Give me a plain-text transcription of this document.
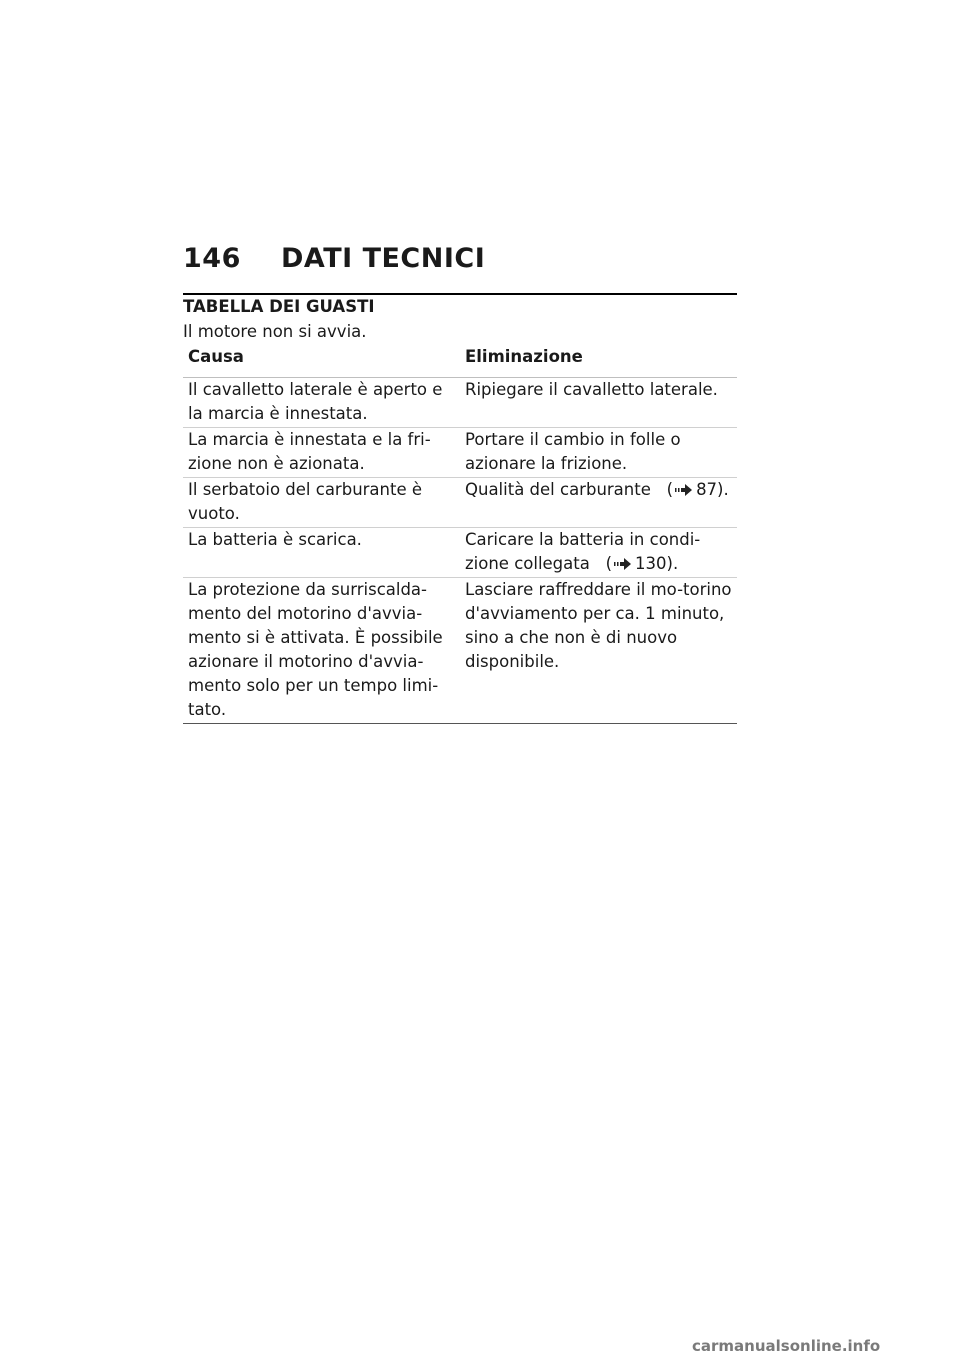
146	DATI TECNICI
TABELLA DEI GUASTI
Il motore non si avvia.
Causa	Eliminazione
Il cavalletto laterale è aperto e la marcia è innestata.	Ripiegare il cavalletto laterale.
La marcia è innestata e la fri-zione non è azionata.	Portare il cambio in folle o azionare la frizione.
Il serbatoio del carburante è vuoto.	Qualità del carburante ( 87).
La batteria è scarica.	Caricare la batteria in condi-zione collegata ( 130).
La protezione da surriscalda-mento del motorino d'avvia-mento si è attivata. È possibile azionare il motorino d'avvia-mento solo per un tempo limi-tato.	Lasciare raffreddare il mo-torino d'avviamento per ca. 1 minuto, sino a che non è di nuovo disponibile.
carmanualsonline.info
